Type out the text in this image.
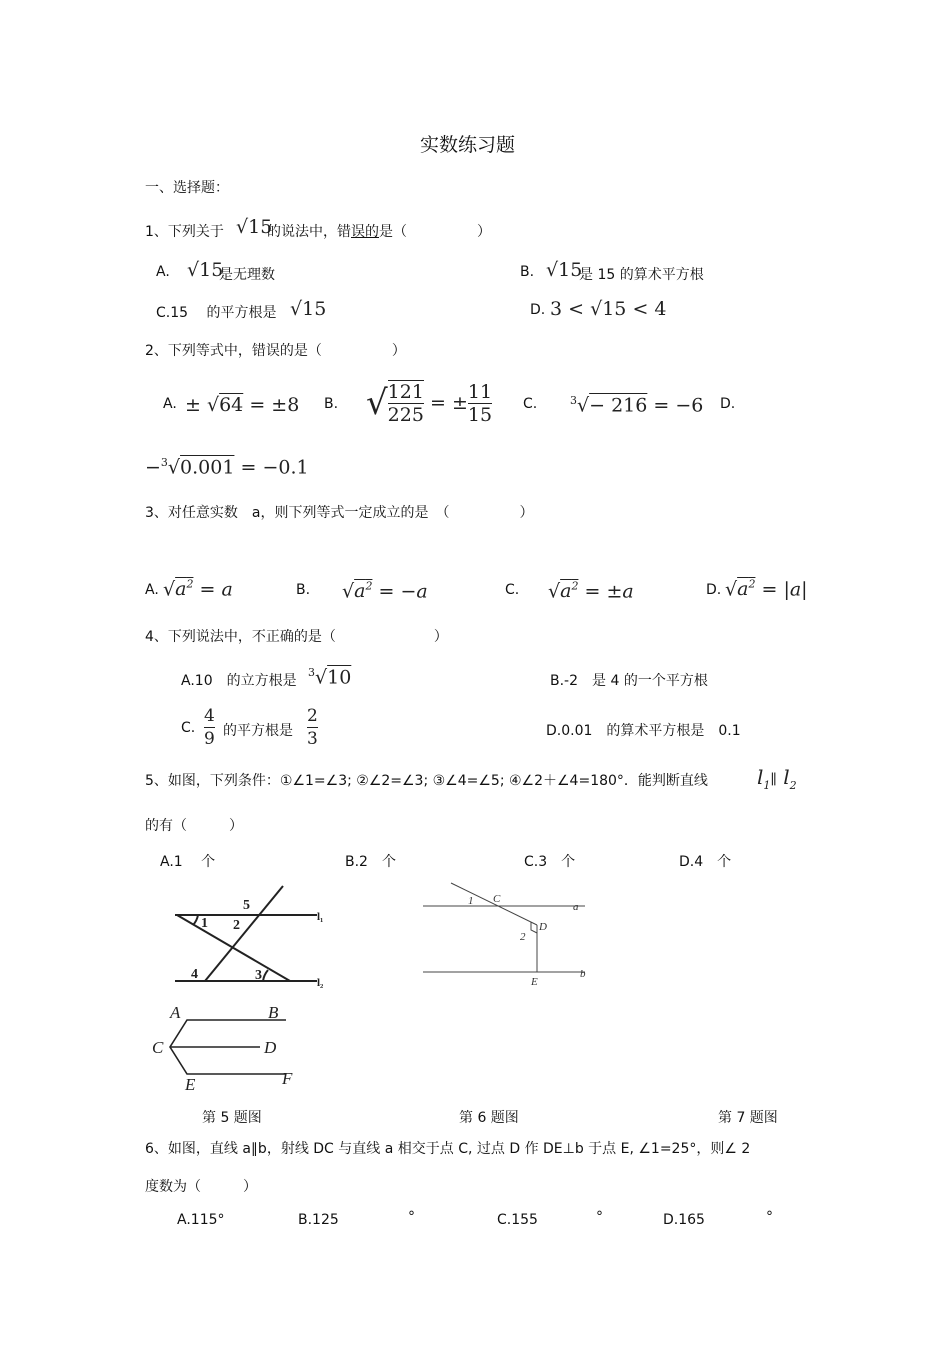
实数练习题
一、选择题：
1、下列关于 √15
的说法中，错误的是（　　　　　）
A. √15
是无理数	B. √15
是 15 的算术平方根
C.15　 的平方根是 √15	D. 3 < √15 < 4
2、下列等式中，错误的是（　　　　　）
A. ± √64 = ±8 B. √ $\frac{121}{225}$ = ± $\frac{11}{15} C$.	$^3$√− 216 = −6 D.
−$^3$√0.001 = −0.1
3、对任意实数　a，则下列等式一定成立的是　（　　　　　）
A. $√a^2 = a$	B. $√a^2 = -a$	C. $√a^2 = \pm a$	D. $√a^2 = |a|$
4、下列说法中，不正确的是（　　　　　　　）
A.10　的立方根是
$^3$√10	B.-2　是 4 的一个平方根
C. $\frac{4}{9}$ 的平方根是 $\frac{2}{3}$	D.0.01　的算术平方根是　0.1
5、如图，下列条件：①∠1=∠3; ②∠2=∠3; ③∠4=∠5; ④∠2＋∠4=180°．能判断直线 $l_1\parallel$ $l_2$
的有（　　　）
A.1　 个	B.2　个	C.3　个	D.4　个
5
1 2
4	3
l₁
l₂
1 C
a
D
2
E
b
A	B
C	D
E	F
第 5 题图	第 6 题图	第 7 题图
6、如图，直线 a∥b，射线 DC 与直线 a 相交于点 C, 过点 D 作 DE⊥b 于点 E, ∠1=25°，则∠ 2
度数为（　　　）
A.115°	B.125	°	C.155	°	D.165	°
